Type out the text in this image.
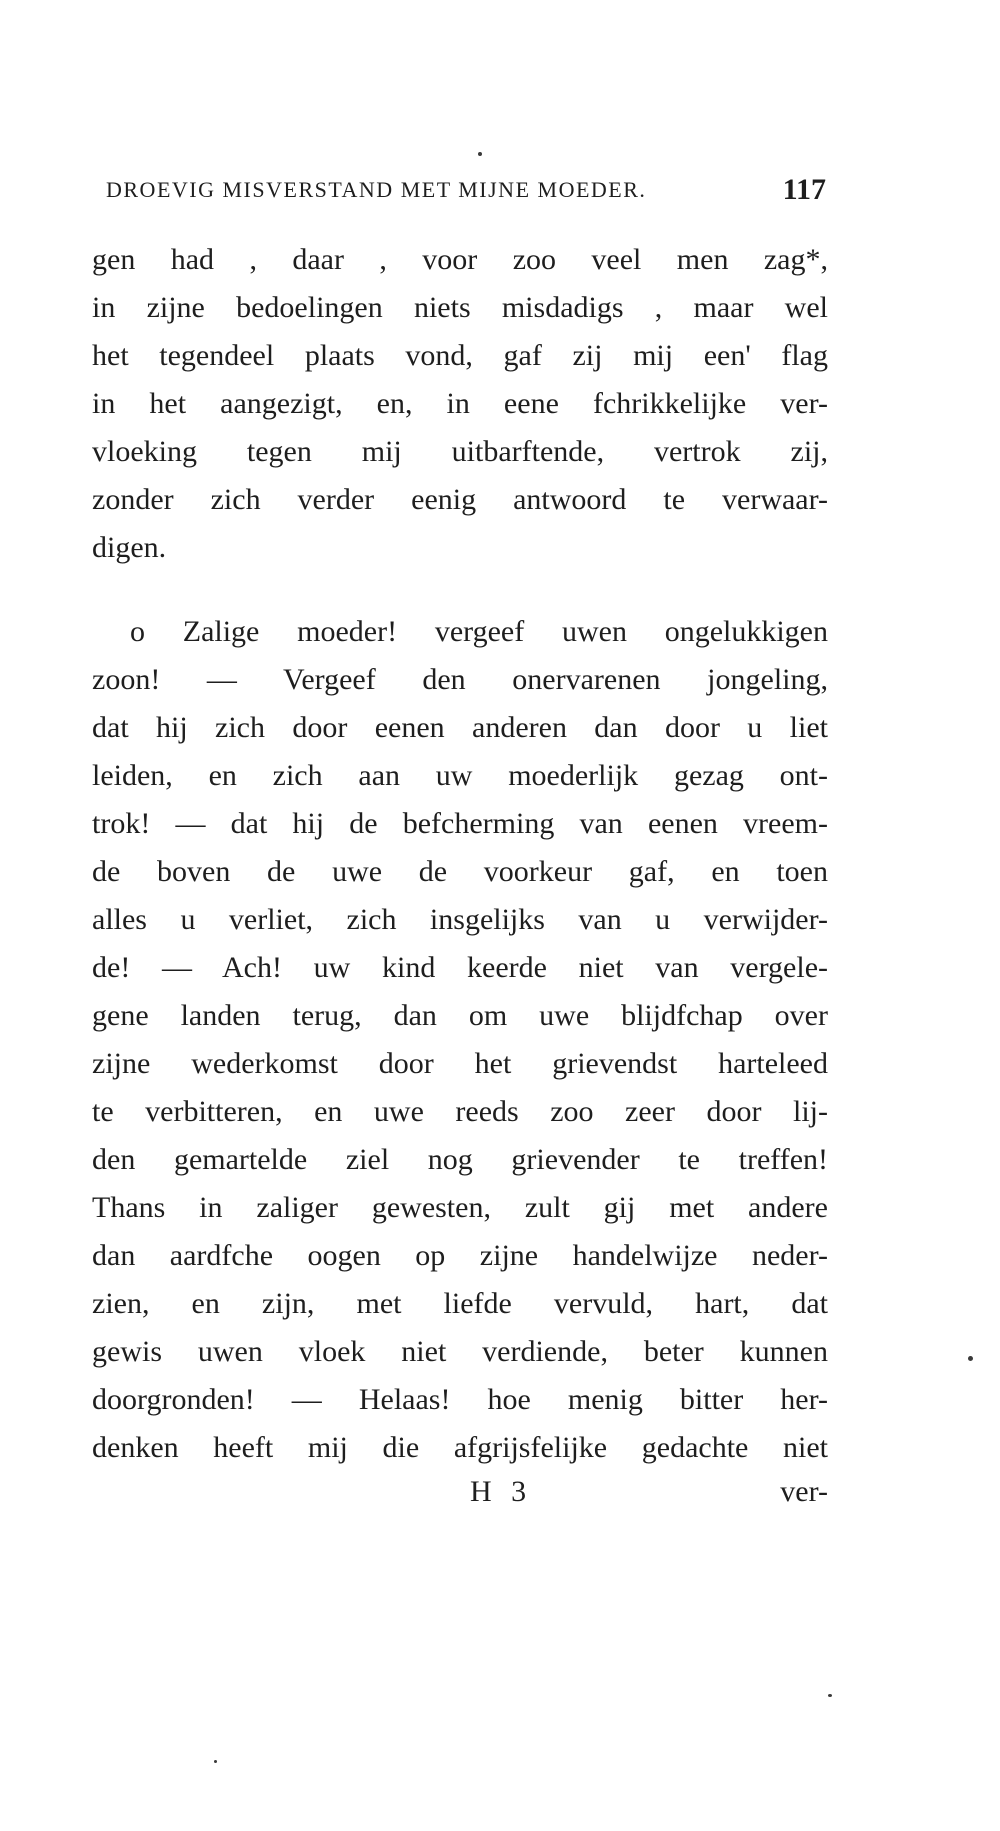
DROEVIG MISVERSTAND MET MIJNE MOEDER.	117
gen had , daar , voor zoo veel men zag*,
in zijne bedoelingen niets misdadigs , maar wel
het tegendeel plaats vond, gaf zij mij een' flag
in het aangezigt, en, in eene fchrikkelijke ver-
vloeking tegen mij uitbarftende, vertrok zij,
zonder zich verder eenig antwoord te verwaar-
digen.
o Zalige moeder! vergeef uwen ongelukkigen
zoon! — Vergeef den onervarenen jongeling,
dat hij zich door eenen anderen dan door u liet
leiden, en zich aan uw moederlijk gezag ont-
trok! — dat hij de befcherming van eenen vreem-
de boven de uwe de voorkeur gaf, en toen
alles u verliet, zich insgelijks van u verwijder-
de! — Ach! uw kind keerde niet van vergele-
gene landen terug, dan om uwe blijdfchap over
zijne wederkomst door het grievendst harteleed
te verbitteren, en uwe reeds zoo zeer door lij-
den gemartelde ziel nog grievender te treffen!
Thans in zaliger gewesten, zult gij met andere
dan aardfche oogen op zijne handelwijze neder-
zien, en zijn, met liefde vervuld, hart, dat
gewis uwen vloek niet verdiende, beter kunnen
doorgronden! — Helaas! hoe menig bitter her-
denken heeft mij die afgrijsfelijke gedachte niet
H 3	ver-
